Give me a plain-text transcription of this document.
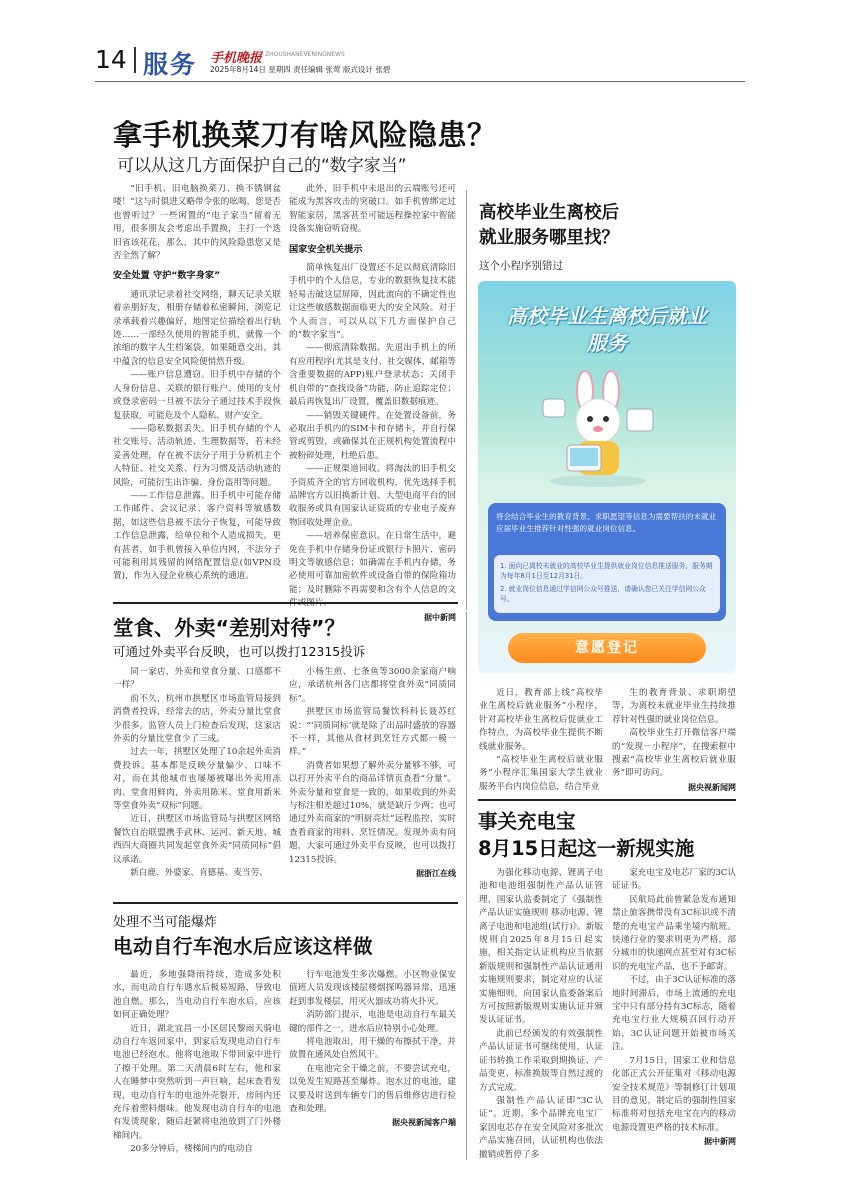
14 服务 手机晚报 ZHOUSHANEVENINGNEWS
2025年8月14日 星期四 责任编辑 张莺 版式设计 张碧
拿手机换菜刀有啥风险隐患？
可以从这几方面保护自己的“数字家当”

“旧手机、旧电脑换菜刀、换不锈钢盆喽！”这与时俱进又略带令张的吆喝，您是否也曾听过？一些闲置的“电子家当”留着无用，很多朋友会考虑出手置换，主打一个迭旧省该花花，那么，其中的风险隐患您又是否全然了解？

安全处置 守护“数字身家”

通讯录记录着社交网络，聊天记录关联着亲朋好友，相册存储着私密瞬间，浏览记录承载着兴趣偏好，地图定位描绘着出行轨迹……一部经久使用的智能手机，就像一个浓缩的数字人生档案袋，如果随意交出，其中蕴含的信息安全风险便悄然升级。

——账户信息遭窃。旧手机中存储的个人身份信息、关联的银行账户、使用的支付或登录密码一旦被不法分子通过技术手段恢复获取，可能危及个人隐私、财产安全。

——隐私数据丢失。旧手机存储的个人社交账号、活动轨迹、生理数据等，若未经妥善处理，存在被不法分子用于分析机主个人特征、社交关系、行为习惯及活动轨迹的风险，可能衍生出诈骗、身份盗用等问题。

——工作信息泄露。旧手机中可能存储工作邮件、会议记录、客户资料等敏感数据，如这些信息被不法分子恢复，可能导致工作信息泄露，给单位和个人造成损失。更有甚者，如手机曾接入单位内网，不法分子可能利用其残留的网络配置信息(如VPN设置)，作为入侵企业核心系统的通道。

此外，旧手机中未退出的云端账号还可能成为黑客攻击的突破口。如手机曾绑定过智能家居，黑客甚至可能远程操控家中智能设备实施窃听窃视。

国家安全机关提示

简单恢复出厂设置还不足以彻底清除旧手机中的个人信息，专业的数据恢复技术能轻易击破这层屏障，因此流向的不确定性也让这些敏感数据面临更大的安全风险。对于个人而言，可以从以下几方面保护自己的“数字家当”。

——彻底清除数据。先退出手机上的所有应用程序(尤其是支付、社交媒体、邮箱等含重要数据的APP)账户登录状态；关闭手机自带的“查找设备”功能，防止追踪定位；最后再恢复出厂设置，覆盖旧数据痕迹。

——销毁关键硬件。在处置设备前，务必取出手机内的SIM卡和存储卡，并自行保管或剪毁，或确保其在正规机构处置流程中被粉碎处理，杜绝后患。

——正规渠道回收。将淘汰的旧手机交予资质齐全的官方回收机构，优先选择手机品牌官方以旧换新计划、大型电商平台的回收服务或具有国家认证资质的专业电子废弃物回收处理企业。

——培养保密意识。在日常生活中，避免在手机中存储身份证或银行卡照片、密码明文等敏感信息；如确需在手机内存储，务必使用可靠加密软件或设备自带的保险箱功能；及时删除不再需要和含有个人信息的文

据中新网

高校毕业生离校后
就业服务哪里找？
这个小程序别错过
高校毕业生离校后就业服务
将会结合毕业生的教育背景、求职愿望等信息为需要帮扶的未就业应届毕业生推荐针对性强的就业岗位信息。
1. 面向已离校未就业的高校毕业生提供就业岗位信息推送服务，服务期为每年8月1日至12月31日。
2. 就业岗位信息通过学信网公众号推送，请确认您已关注学信网公众号。
意愿登记

近日，教育部上线“高校毕业生离校后就业服务”小程序，针对高校毕业生离校后促就业工作特点，为高校毕业生提供不断线就业服务。

“高校毕业生离校后就业服务”小程序汇集国家大学生就业服务平台内岗位信息，结合毕业

生的教育背景、求职期望等，为离校未就业毕业生持续推荐针对性强的就业岗位信息。

高校毕业生打开微信客户端的“发现－小程序”，在搜索框中搜索“高校毕业生离校后就业服务”即可访问。

据央视新闻网

堂食、外卖“差别对待”？
可通过外卖平台反映，也可以拨打12315投诉

同一家店，外卖和堂食分量、口感都不一样？

前不久，杭州市拱墅区市场监管局接到消费者投诉，经常去的店，外卖分量比堂食少很多。监管人员上门检查后发现，这家店外卖的分量比堂食少了三成。

过去一年，拱墅区处理了10余起外卖消费投诉。基本都是反映分量偏少、口味不对，而在其他城市也屡屡被曝出外卖用冻肉、堂食用鲜肉，外卖用陈米、堂食用新米等堂食外卖“双标”问题。

近日，拱墅区市场监管局与拱墅区网络餐饮自治联盟携手武林、运河、新天地、城西四大商圈共同发起堂食外卖“同质同标”倡议承诺。

新白鹿、外婆家、肯德基、麦当劳、

小杨生煎、七条鱼等3000余家商户响应，承诺杭州各门店都将堂食外卖“同质同标”。

拱墅区市场监管局餐饮科科长聂苏红说：“‘同质同标’就是除了出品时盛放的容器不一样，其他从食材到烹饪方式都一模一样。”

消费者如果想了解外卖分量够不够，可以打开外卖平台的商品详情页查看“分量”。外卖分量和堂食是一致的，如果收到的外卖与标注相差超过10%，就是缺斤少两；也可通过外卖商家的“明厨亮灶”远程监控，实时查看商家的用料、烹饪情况。发现外卖有问题，大家可通过外卖平台反映，也可以拨打12315投诉。

据浙江在线

处理不当可能爆炸
电动自行车泡水后应该这样做

最近，多地强降雨持续，造成多处积水，而电动自行车遇水后极易短路，导致电池自燃。那么，当电动自行车泡水后，应该如何正确处理？

近日，湖北宜昌一小区居民黎雨天骑电动自行车返回家中，到家后发现电动自行车电池已经泡水。他将电池取下带回家中进行了擦干处理。第二天清晨6时左右，他和家人在睡梦中突然听到一声巨响，起床查看发现，电动自行车的电池外壳裂开，房间内还充斥着塑料烟味。他发现电动自行车的电池有发烫现象，随后赶紧将电池放到了门外楼梯间内。

20多分钟后，楼梯间内的电动自

行车电池发生多次爆燃。小区物业保安值班人员发现该楼层楼烟探鸣器异常，迅速赶到事发楼层，用灭火器成功将火扑灭。

消防部门提示，电池是电动自行车最关键的部件之一，进水后应特别小心处理。

将电池取出，用干燥的布擦拭干净，并放置在通风处自然风干。

在电池完全干燥之前，不要尝试充电，以免发生短路甚至爆炸。泡水过的电池，建议要及时送到车辆专门的售后维修店进行检查和处理。

据央视新闻客户端

事关充电宝
8月15日起这一新规实施

为强化移动电源、锂离子电池和电池组强制性产品认证管理，国家认监委制定了《强制性产品认证实施规则 移动电源、锂离子电池和电池组(试行)》。新版规则自2025年8月15日起实施，相关指定认证机构应当依据新版规则和强制性产品认证通用实施规则要求，制定对应的认证实施细则，向国家认监委备案后方可按照新版规则实施认证并颁发认证证书。

此前已经颁发的有效强制性产品认证证书可继续使用，认证证书转换工作采取到期换证、产品变更、标准换版等自然过渡的方式完成。

强制性产品认证即“3C认证”。近期，多个品牌充电宝厂家因电芯存在安全风险对多批次产品实施召回，认证机构也依法撤销或暂停了多

家充电宝及电芯厂家的3C认证证书。

民航局此前曾紧急发布通知禁止旅客携带没有3C标识或不清楚的充电宝产品乘坐境内航班。快递行业的要求则更为严格，部分城市的快递网点甚至对有3C标识的充电宝产品，也不予邮寄。

不过，由于3C认证标准的落地时间滞后，市场上流通的充电宝中只有部分持有3C标志，随着充电宝行业大规模召回行动开始，3C认证问题开始被市场关注。

7月15日，国家工业和信息化部正式公开征集对《移动电源安全技术规范》等制修订计划项目的意见，制定后的强制性国家标准将对包括充电宝在内的移动电源设置更严格的技术标准。

据中新网
